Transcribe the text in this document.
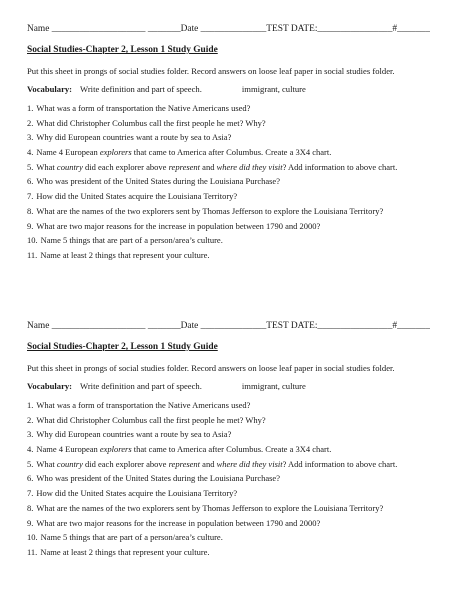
Name ____________________ _______Date ______________TEST DATE:________________#_______
Social Studies-Chapter 2, Lesson 1 Study Guide
Put this sheet in prongs of social studies folder. Record answers on loose leaf paper in social studies folder.
Vocabulary: Write definition and part of speech.	immigrant, culture
1. What was a form of transportation the Native Americans used?
2. What did Christopher Columbus call the first people he met? Why?
3. Why did European countries want a route by sea to Asia?
4. Name 4 European explorers that came to America after Columbus. Create a 3X4 chart.
5. What country did each explorer above represent and where did they visit? Add information to above chart.
6. Who was president of the United States during the Louisiana Purchase?
7. How did the United States acquire the Louisiana Territory?
8. What are the names of the two explorers sent by Thomas Jefferson to explore the Louisiana Territory?
9. What are two major reasons for the increase in population between 1790 and 2000?
10. Name 5 things that are part of a person/area’s culture.
11. Name at least 2 things that represent your culture.
Name ____________________ _______Date ______________TEST DATE:________________#_______
Social Studies-Chapter 2, Lesson 1 Study Guide
Put this sheet in prongs of social studies folder. Record answers on loose leaf paper in social studies folder.
Vocabulary: Write definition and part of speech.	immigrant, culture
1. What was a form of transportation the Native Americans used?
2. What did Christopher Columbus call the first people he met? Why?
3. Why did European countries want a route by sea to Asia?
4. Name 4 European explorers that came to America after Columbus. Create a 3X4 chart.
5. What country did each explorer above represent and where did they visit? Add information to above chart.
6. Who was president of the United States during the Louisiana Purchase?
7. How did the United States acquire the Louisiana Territory?
8. What are the names of the two explorers sent by Thomas Jefferson to explore the Louisiana Territory?
9. What are two major reasons for the increase in population between 1790 and 2000?
10. Name 5 things that are part of a person/area’s culture.
11. Name at least 2 things that represent your culture.
